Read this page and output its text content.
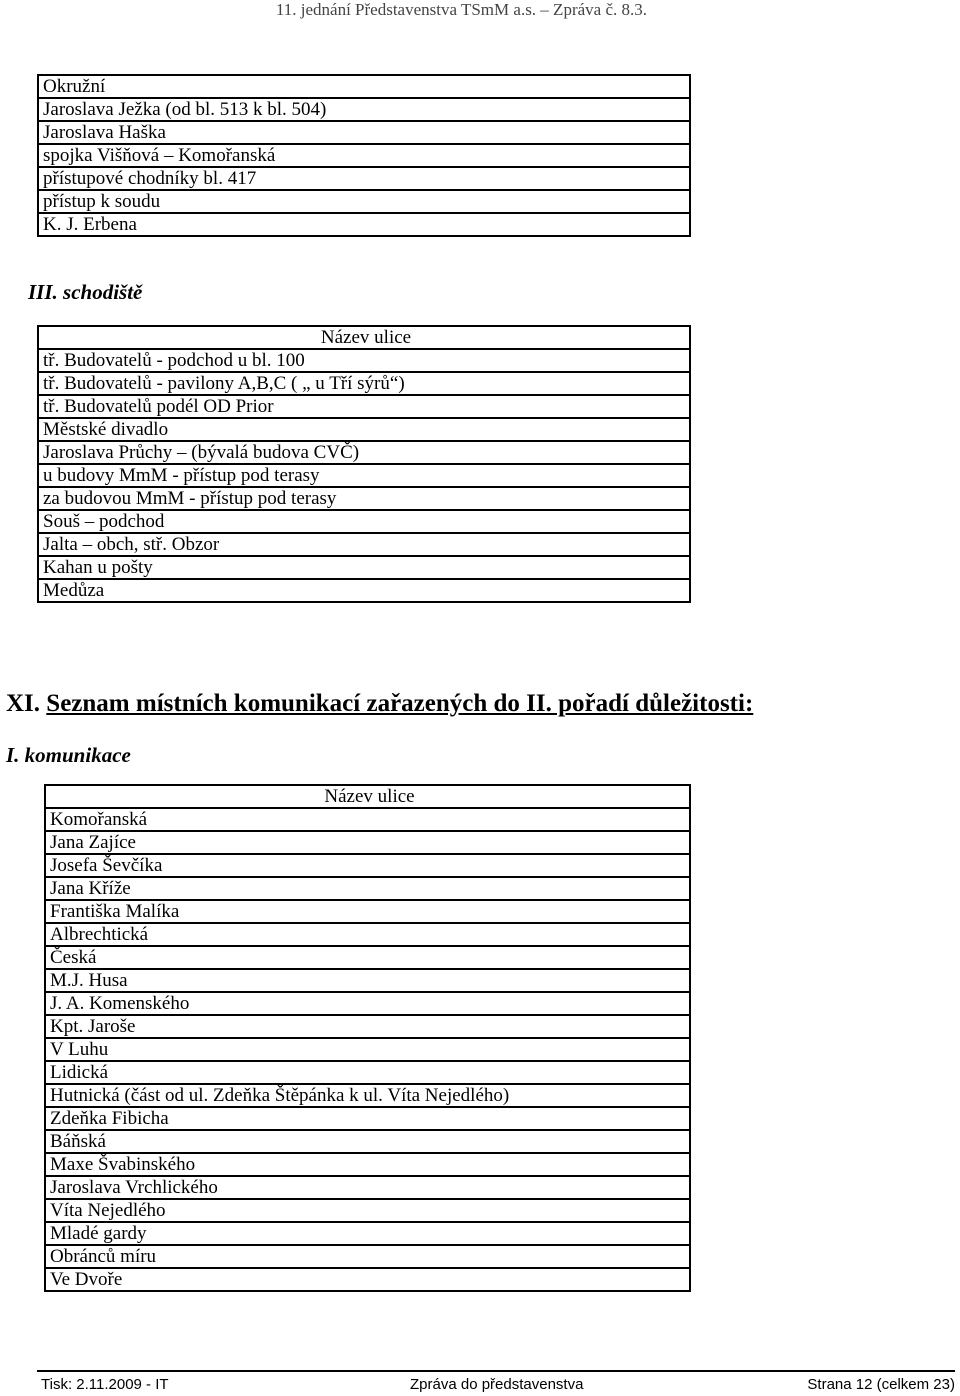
11. jednání Představenstva TSmM a.s. – Zpráva č. 8.3.
Okružní
Jaroslava Ježka (od bl. 513 k bl. 504)
Jaroslava Haška
spojka Višňová – Komořanská
přístupové chodníky bl. 417
přístup k soudu
K. J. Erbena
III. schodiště
Název ulice
tř. Budovatelů - podchod u bl. 100
tř. Budovatelů - pavilony A,B,C ( „ u Tří sýrů“)
tř. Budovatelů podél OD Prior
Městské divadlo
Jaroslava Průchy – (bývalá budova CVČ)
u budovy MmM - přístup pod terasy
za budovou MmM - přístup pod terasy
Souš – podchod
Jalta – obch, stř. Obzor
Kahan u pošty
Medůza
XI. Seznam místních komunikací zařazených do II. pořadí důležitosti:
I. komunikace
Název ulice
Komořanská
Jana Zajíce
Josefa Ševčíka
Jana Kříže
Františka Malíka
Albrechtická
Česká
M.J. Husa
J. A. Komenského
Kpt. Jaroše
V Luhu
Lidická
Hutnická (část od ul. Zdeňka Štěpánka k ul. Víta Nejedlého)
Zdeňka Fibicha
Báňská
Maxe Švabinského
Jaroslava Vrchlického
Víta Nejedlého
Mladé gardy
Obránců míru
Ve Dvoře
Tisk: 2.11.2009 - IT	Zpráva do představenstva	Strana 12 (celkem 23)
